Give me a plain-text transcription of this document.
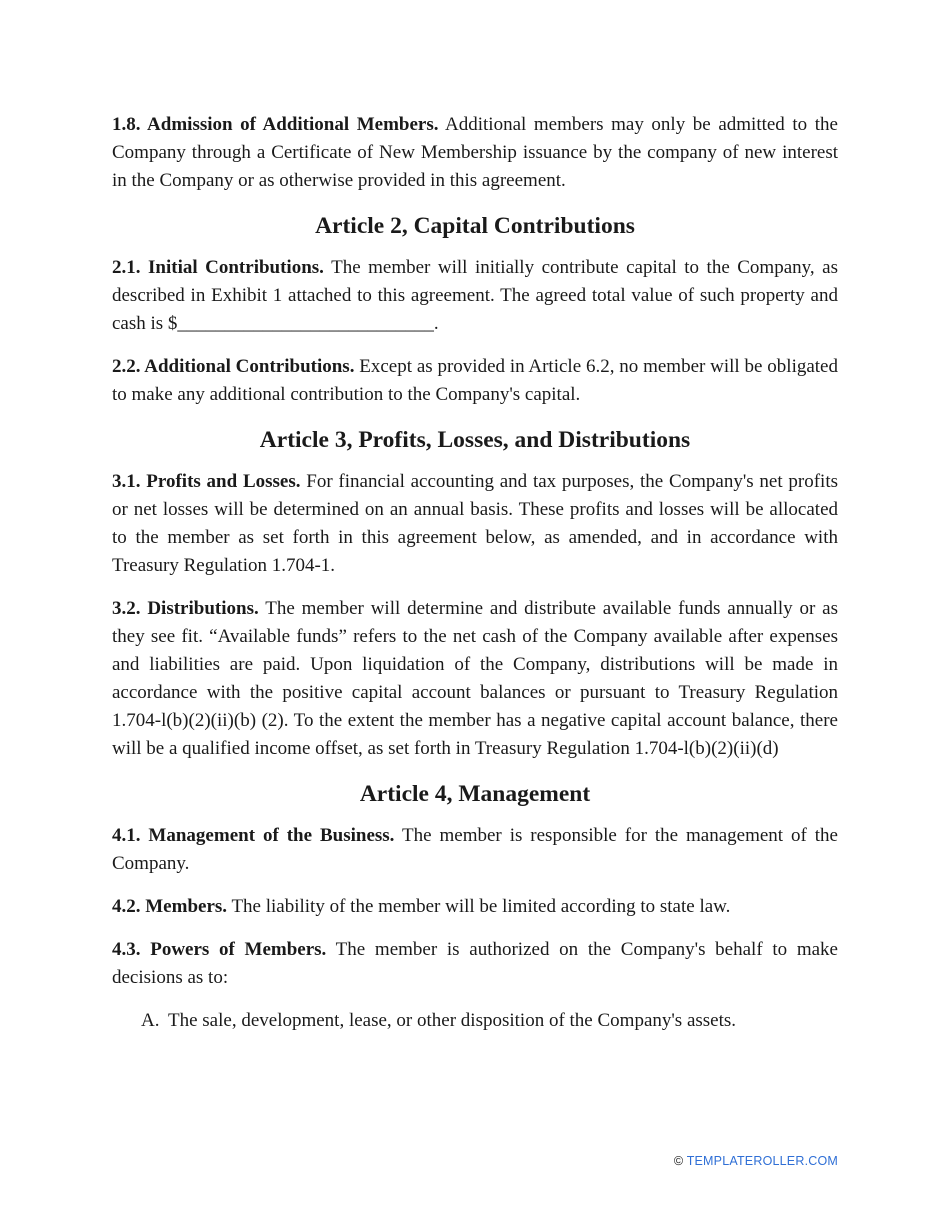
1.8. Admission of Additional Members. Additional members may only be admitted to the Company through a Certificate of New Membership issuance by the company of new interest in the Company or as otherwise provided in this agreement.

Article 2, Capital Contributions

2.1. Initial Contributions. The member will initially contribute capital to the Company, as described in Exhibit 1 attached to this agreement. The agreed total value of such property and cash is $___________________________.

2.2. Additional Contributions. Except as provided in Article 6.2, no member will be obligated to make any additional contribution to the Company's capital.

Article 3, Profits, Losses, and Distributions

3.1. Profits and Losses. For financial accounting and tax purposes, the Company's net profits or net losses will be determined on an annual basis. These profits and losses will be allocated to the member as set forth in this agreement below, as amended, and in accordance with Treasury Regulation 1.704-1.

3.2. Distributions. The member will determine and distribute available funds annually or as they see fit. “Available funds” refers to the net cash of the Company available after expenses and liabilities are paid. Upon liquidation of the Company, distributions will be made in accordance with the positive capital account balances or pursuant to Treasury Regulation 1.704-l(b)(2)(ii)(b) (2). To the extent the member has a negative capital account balance, there will be a qualified income offset, as set forth in Treasury Regulation 1.704-l(b)(2)(ii)(d)

Article 4, Management

4.1. Management of the Business. The member is responsible for the management of the Company.

4.2. Members. The liability of the member will be limited according to state law.

4.3. Powers of Members. The member is authorized on the Company's behalf to make decisions as to:

A. The sale, development, lease, or other disposition of the Company's assets.
© TEMPLATEROLLER.COM
